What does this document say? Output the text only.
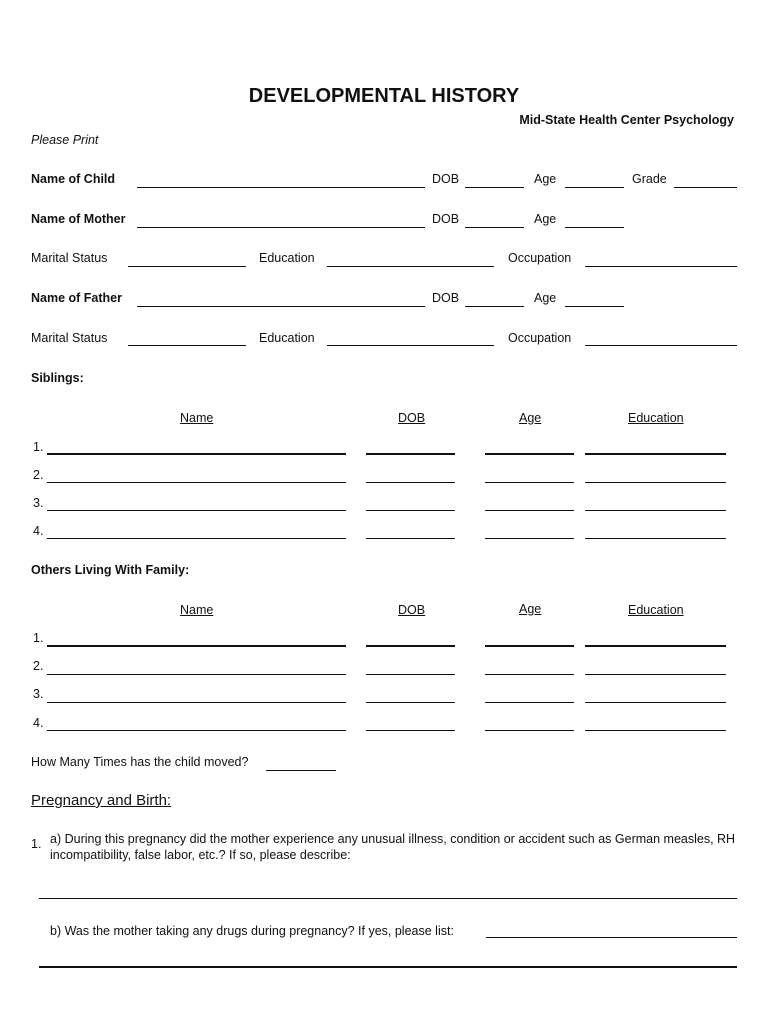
DEVELOPMENTAL HISTORY
Mid-State Health Center Psychology
Please Print
Name of Child	DOB	Age	Grade
Name of Mother	DOB	Age
Marital Status	Education	Occupation
Name of Father	DOB	Age
Marital Status	Education	Occupation
Siblings:
Name	DOB	Age	Education
1.
2.
3.
4.
Others Living With Family:
Name	DOB	Age	Education
1.
2.
3.
4.
How Many Times has the child moved?
Pregnancy and Birth:
1. a) During this pregnancy did the mother experience any unusual illness, condition or accident such as German measles, RH incompatibility, false labor, etc.? If so, please describe:
b) Was the mother taking any drugs during pregnancy? If yes, please list:
